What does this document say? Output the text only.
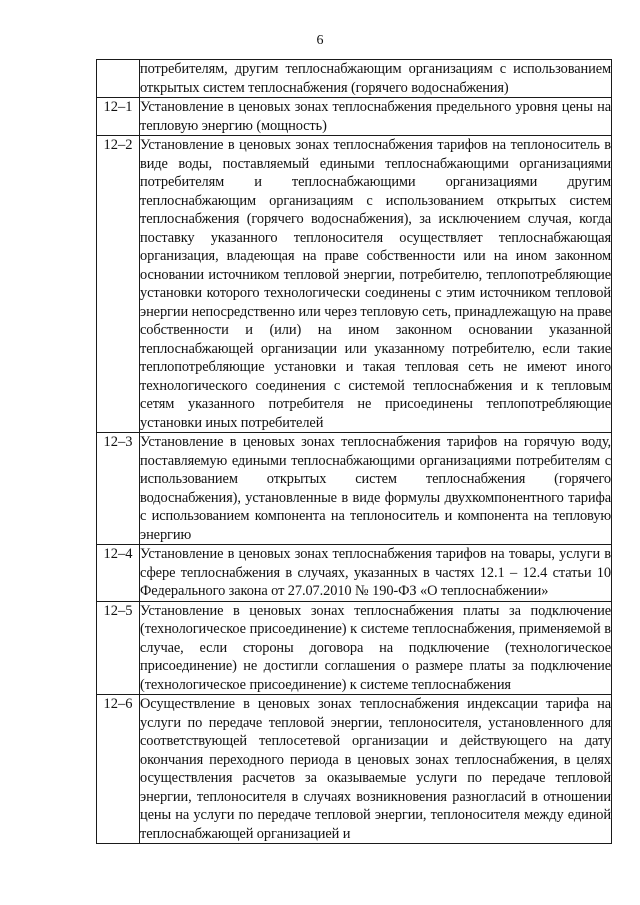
6

	потребителям, другим теплоснабжающим организациям с использованием открытых систем теплоснабжения (горячего водоснабжения)

12–1	Установление в ценовых зонах теплоснабжения предельного уровня цены на тепловую энергию (мощность)

12–2	Установление в ценовых зонах теплоснабжения тарифов на теплоноситель в виде воды, поставляемый едиными теплоснабжающими организациями потребителям и теплоснабжающими организациями другим теплоснабжающим организациям с использованием открытых систем теплоснабжения (горячего водоснабжения), за исключением случая, когда поставку указанного теплоносителя осуществляет теплоснабжающая организация, владеющая на праве собственности или на ином законном основании источником тепловой энергии, потребителю, теплопотребляющие установки которого технологически соединены с этим источником тепловой энергии непосредственно или через тепловую сеть, принадлежащую на праве собственности и (или) на ином законном основании указанной теплоснабжающей организации или указанному потребителю, если такие теплопотребляющие установки и такая тепловая сеть не имеют иного технологического соединения с системой теплоснабжения и к тепловым сетям указанного потребителя не присоединены теплопотребляющие установки иных потребителей

12–3	Установление в ценовых зонах теплоснабжения тарифов на горячую воду, поставляемую едиными теплоснабжающими организациями потребителям с использованием открытых систем теплоснабжения (горячего водоснабжения), установленные в виде формулы двухкомпонентного тарифа с использованием компонента на теплоноситель и компонента на тепловую энергию

12–4	Установление в ценовых зонах теплоснабжения тарифов на товары, услуги в сфере теплоснабжения в случаях, указанных в частях 12.1 – 12.4 статьи 10 Федерального закона от 27.07.2010 № 190-ФЗ «О теплоснабжении»

12–5	Установление в ценовых зонах теплоснабжения платы за подключение (технологическое присоединение) к системе теплоснабжения, применяемой в случае, если стороны договора на подключение (технологическое присоединение) не достигли соглашения о размере платы за подключение (технологическое присоединение) к системе теплоснабжения

12–6	Осуществление в ценовых зонах теплоснабжения индексации тарифа на услуги по передаче тепловой энергии, теплоносителя, установленного для соответствующей теплосетевой организации и действующего на дату окончания переходного периода в ценовых зонах теплоснабжения, в целях осуществления расчетов за оказываемые услуги по передаче тепловой энергии, теплоносителя в случаях возникновения разногласий в отношении цены на услуги по передаче тепловой энергии, теплоносителя между единой теплоснабжающей организацией и
